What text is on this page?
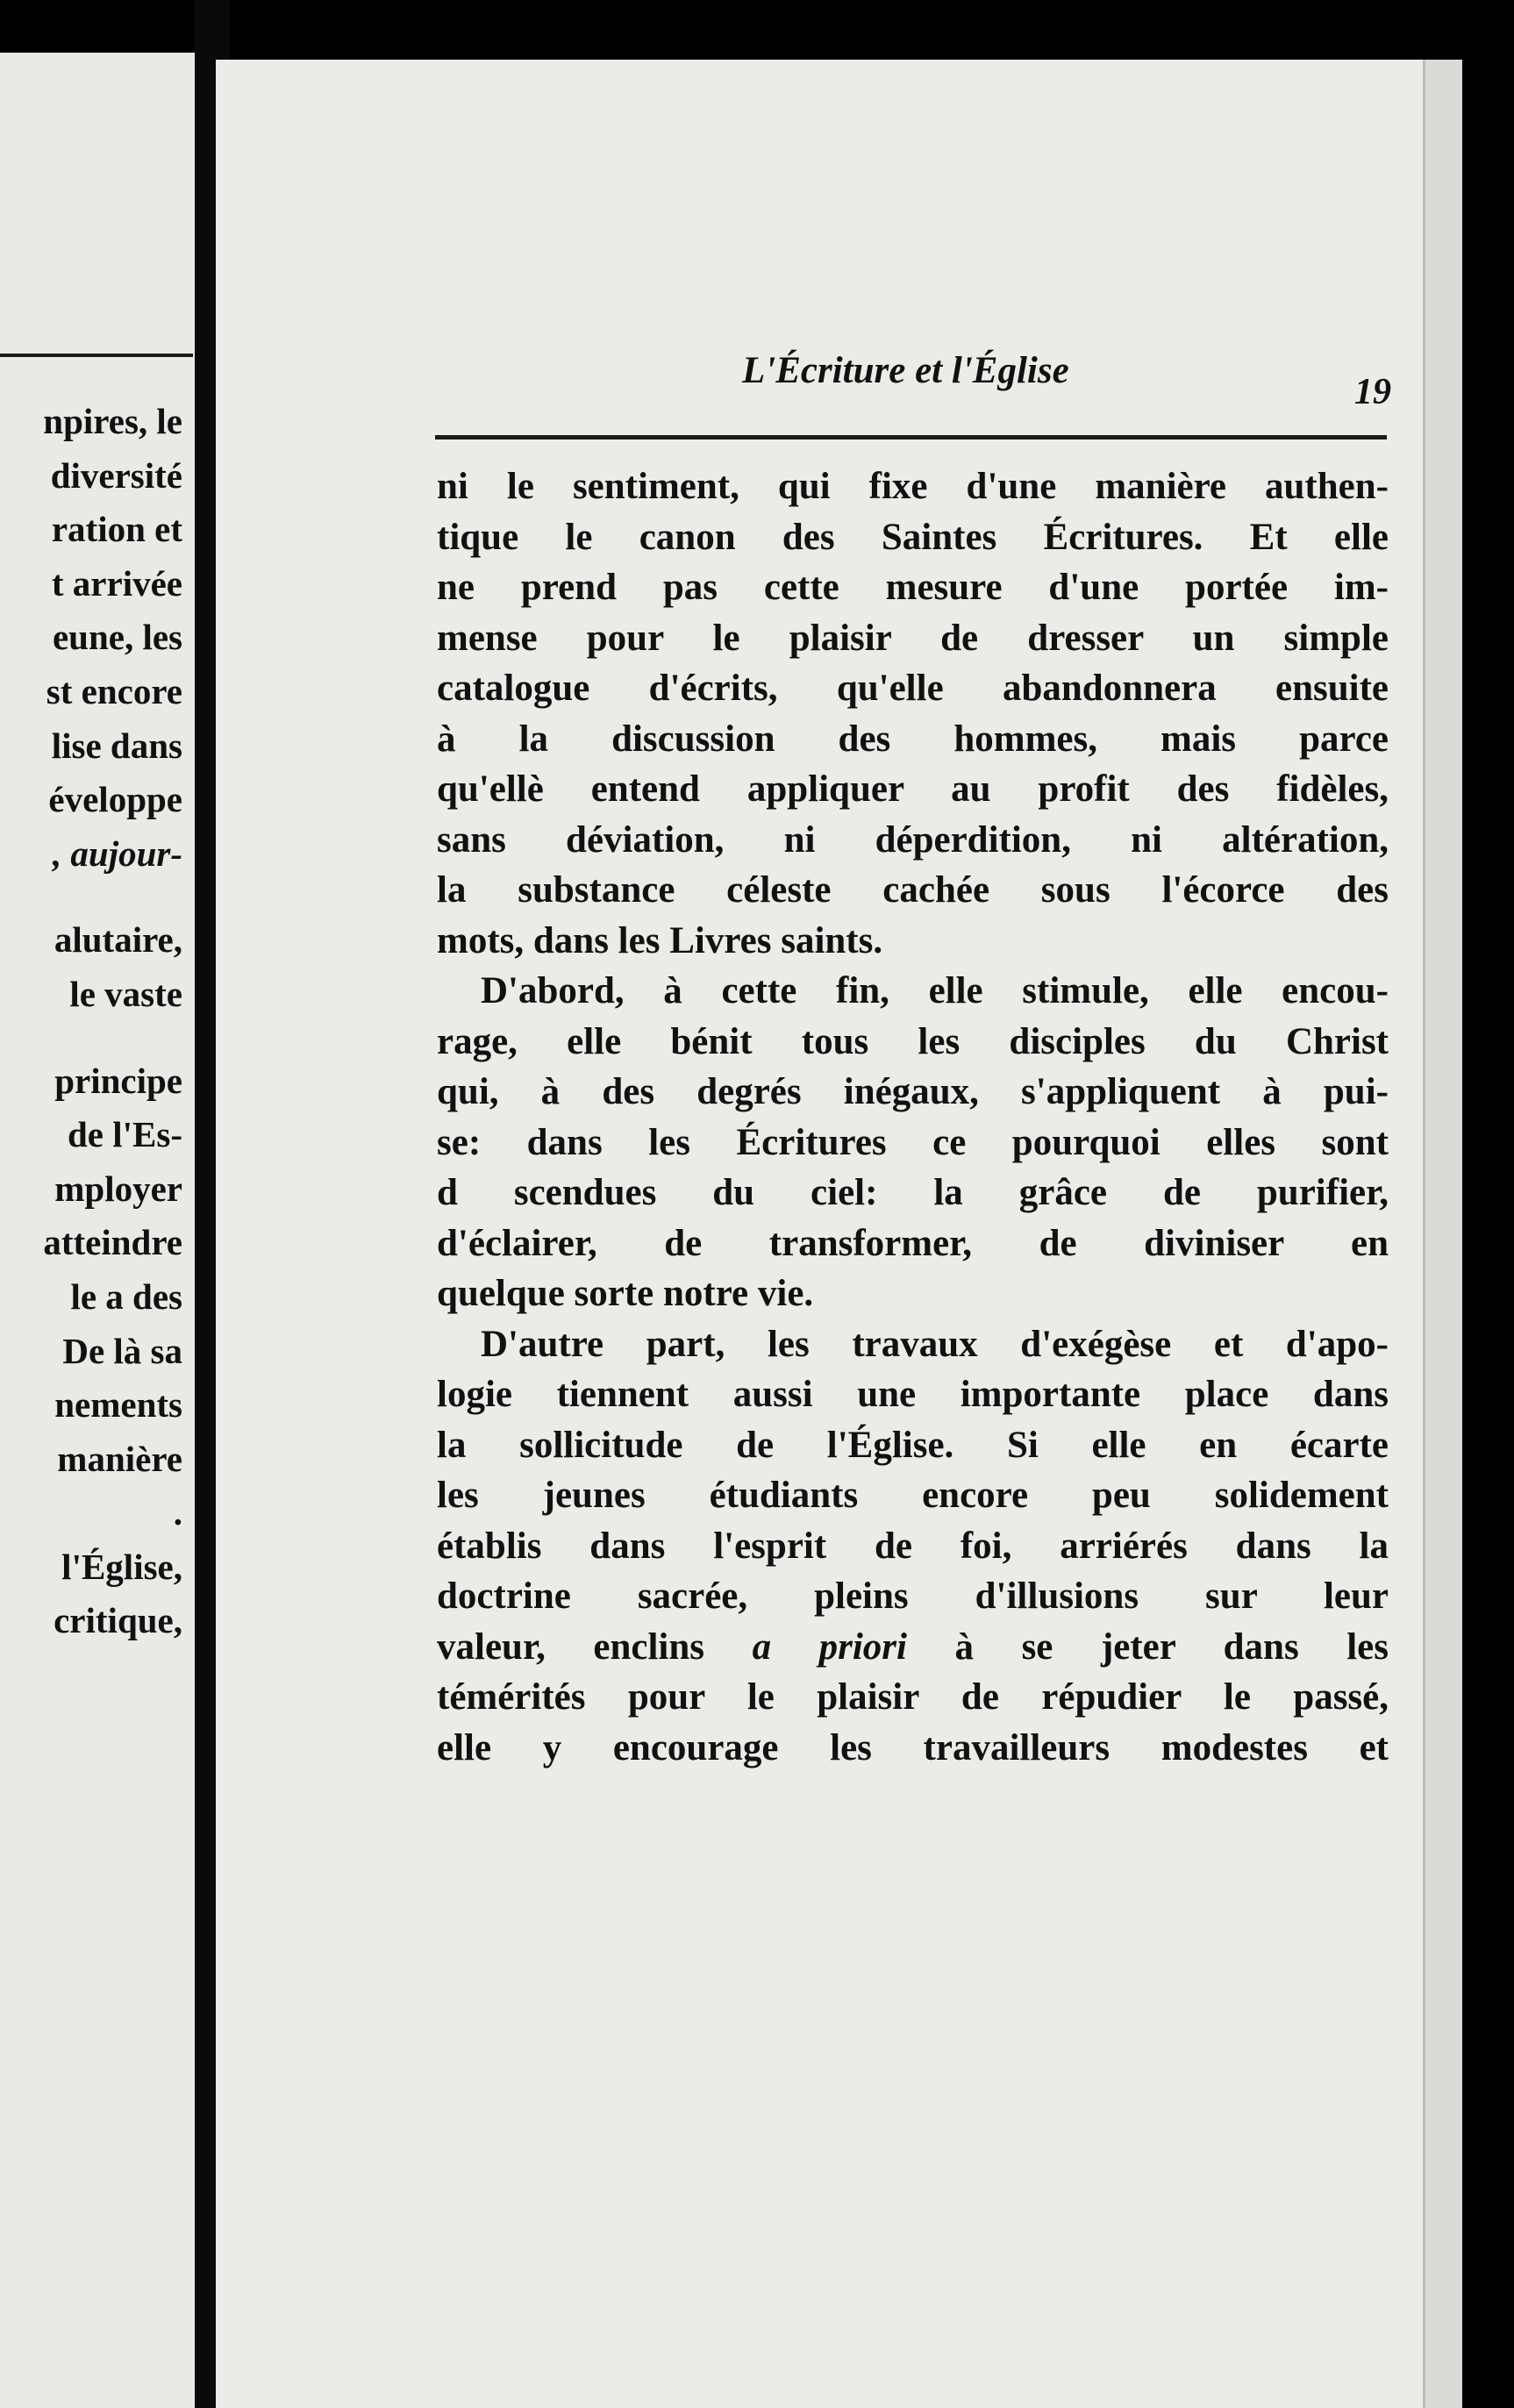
npires, le
diversité
ration et
t arrivée
eune, les
st encore
lise dans
éveloppe
, aujour-
alutaire,
le vaste
principe
de l'Es-
mployer
atteindre
le a des
De là sa
nements
manière
.
l'Église,
critique,
L'Écriture et l'Église
19
ni le sentiment, qui fixe d'une manière authen-
tique le canon des Saintes Écritures. Et elle
ne prend pas cette mesure d'une portée im-
mense pour le plaisir de dresser un simple
catalogue d'écrits, qu'elle abandonnera ensuite
à la discussion des hommes, mais parce
qu'ellè entend appliquer au profit des fidèles,
sans déviation, ni déperdition, ni altération,
la substance céleste cachée sous l'écorce des
mots, dans les Livres saints.
D'abord, à cette fin, elle stimule, elle encou-
rage, elle bénit tous les disciples du Christ
qui, à des degrés inégaux, s'appliquent à pui-
se: dans les Écritures ce pourquoi elles sont
d scendues du ciel: la grâce de purifier,
d'éclairer, de transformer, de diviniser en
quelque sorte notre vie.
D'autre part, les travaux d'exégèse et d'apo-
logie tiennent aussi une importante place dans
la sollicitude de l'Église. Si elle en écarte
les jeunes étudiants encore peu solidement
établis dans l'esprit de foi, arriérés dans la
doctrine sacrée, pleins d'illusions sur leur
valeur, enclins a priori à se jeter dans les
témérités pour le plaisir de répudier le passé,
elle y encourage les travailleurs modestes et
